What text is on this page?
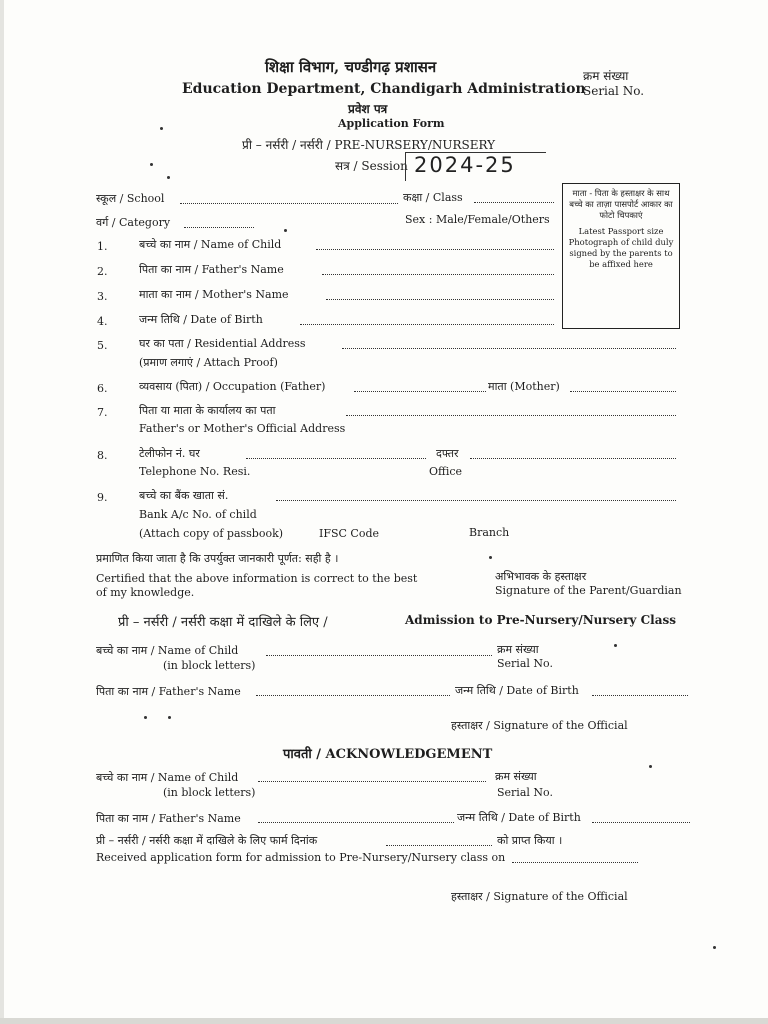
शिक्षा विभाग, चण्डीगढ़ प्रशासन
Education Department, Chandigarh Administration
प्रवेश पत्र
Application Form
प्री – नर्सरी / नर्सरी / PRE-NURSERY/NURSERY
सत्र / Session 2024-25
क्रम संख्या
Serial No.
स्कूल / School	कक्षा / Class
वर्ग / Category	Sex : Male/Female/Others
माता - पिता के हस्ताक्षर के साथ बच्चे का ताज़ा पासपोर्ट आकार का फोटो चिपकाएं
Latest Passport size Photograph of child duly signed by the parents to be affixed here
1.	बच्चे का नाम / Name of Child
2.	पिता का नाम / Father's Name
3.	माता का नाम / Mother's Name
4.	जन्म तिथि / Date of Birth
5.	घर का पता / Residential Address
(प्रमाण लगाएं / Attach Proof)
6.	व्यवसाय (पिता) / Occupation (Father)	माता (Mother)
7.	पिता या माता के कार्यालय का पता
Father's or Mother's Official Address
8.	टेलीफोन नं. घर	दफ्तर
Telephone No. Resi.	Office
9.	बच्चे का बैंक खाता सं.
Bank A/c No. of child
(Attach copy of passbook)	IFSC Code	Branch
प्रमाणित किया जाता है कि उपर्युक्त जानकारी पूर्णत: सही है ।
Certified that the above information is correct to the best
of my knowledge.
अभिभावक के हस्ताक्षर
Signature of the Parent/Guardian
प्री – नर्सरी / नर्सरी कक्षा में दाखिले के लिए /	Admission to Pre-Nursery/Nursery Class
बच्चे का नाम / Name of Child
(in block letters)
क्रम संख्या
Serial No.
पिता का नाम / Father's Name	जन्म तिथि / Date of Birth
हस्ताक्षर / Signature of the Official
पावती / ACKNOWLEDGEMENT
बच्चे का नाम / Name of Child
(in block letters)
क्रम संख्या
Serial No.
पिता का नाम / Father's Name	जन्म तिथि / Date of Birth
प्री – नर्सरी / नर्सरी कक्षा में दाखिले के लिए फार्म दिनांक	को प्राप्त किया ।
Received application form for admission to Pre-Nursery/Nursery class on
हस्ताक्षर / Signature of the Official
